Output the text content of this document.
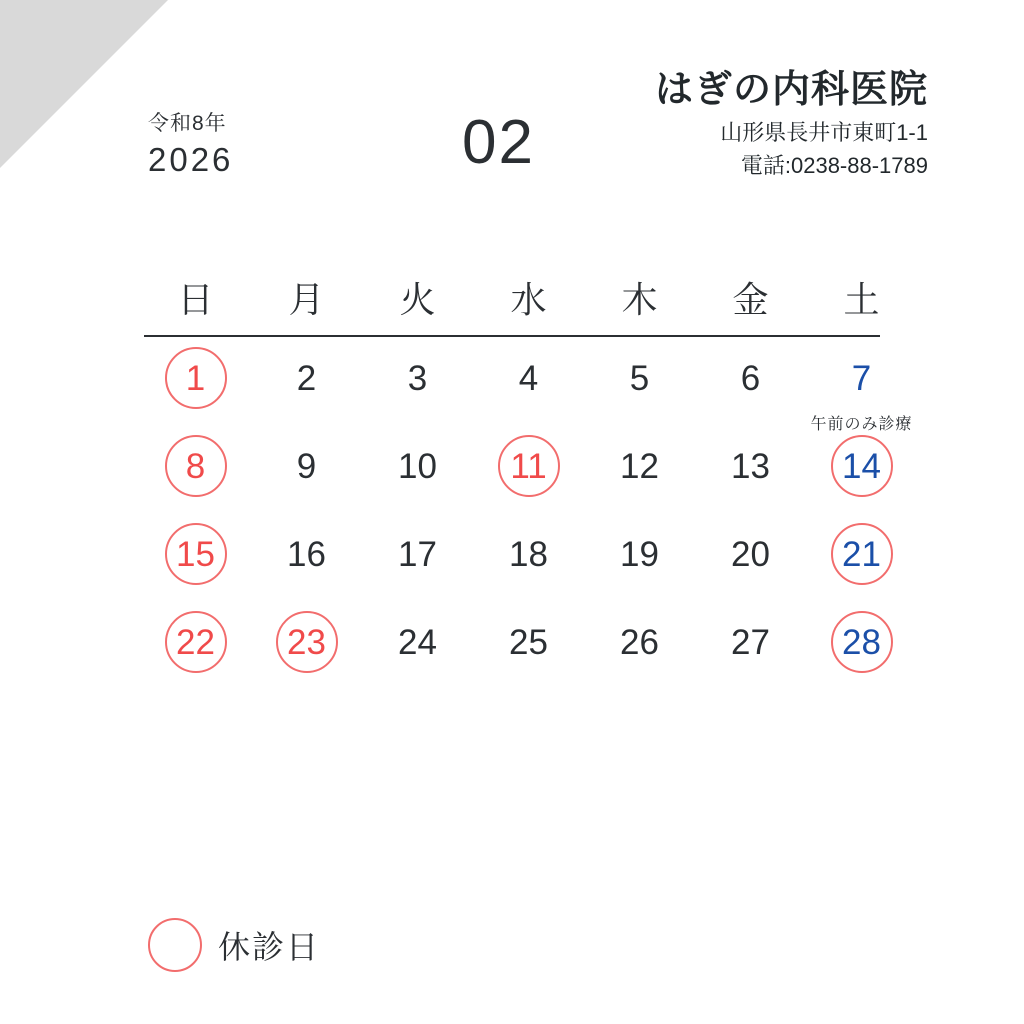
令和8年
2026	02
はぎの内科医院
山形県長井市東町1-1
電話:0238-88-1789
日	月	火	水	木	金	土
1	2	3	4	5	6	7
午前のみ診療
8	9	10	11	12	13	14
15	16	17	18	19	20	21
22	23	24	25	26	27	28
休診日
